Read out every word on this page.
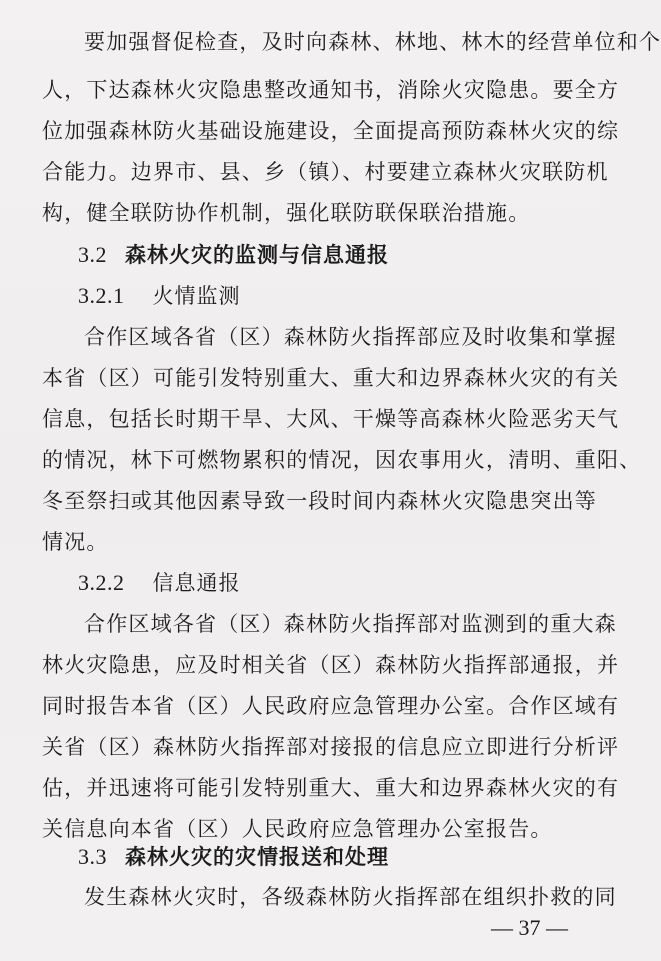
要加强督促检查，及时向森林、林地、林木的经营单位和个
人，下达森林火灾隐患整改通知书，消除火灾隐患。要全方
位加强森林防火基础设施建设，全面提高预防森林火灾的综
合能力。边界市、县、乡（镇）、村要建立森林火灾联防机
构，健全联防协作机制，强化联防联保联治措施。
3.2 森林火灾的监测与信息通报
3.2.1 火情监测
合作区域各省（区）森林防火指挥部应及时收集和掌握
本省（区）可能引发特别重大、重大和边界森林火灾的有关
信息，包括长时期干旱、大风、干燥等高森林火险恶劣天气
的情况，林下可燃物累积的情况，因农事用火，清明、重阳、
冬至祭扫或其他因素导致一段时间内森林火灾隐患突出等
情况。
3.2.2 信息通报
合作区域各省（区）森林防火指挥部对监测到的重大森
林火灾隐患，应及时相关省（区）森林防火指挥部通报，并
同时报告本省（区）人民政府应急管理办公室。合作区域有
关省（区）森林防火指挥部对接报的信息应立即进行分析评
估，并迅速将可能引发特别重大、重大和边界森林火灾的有
关信息向本省（区）人民政府应急管理办公室报告。
3.3 森林火灾的灾情报送和处理
发生森林火灾时，各级森林防火指挥部在组织扑救的同
— 37 —
